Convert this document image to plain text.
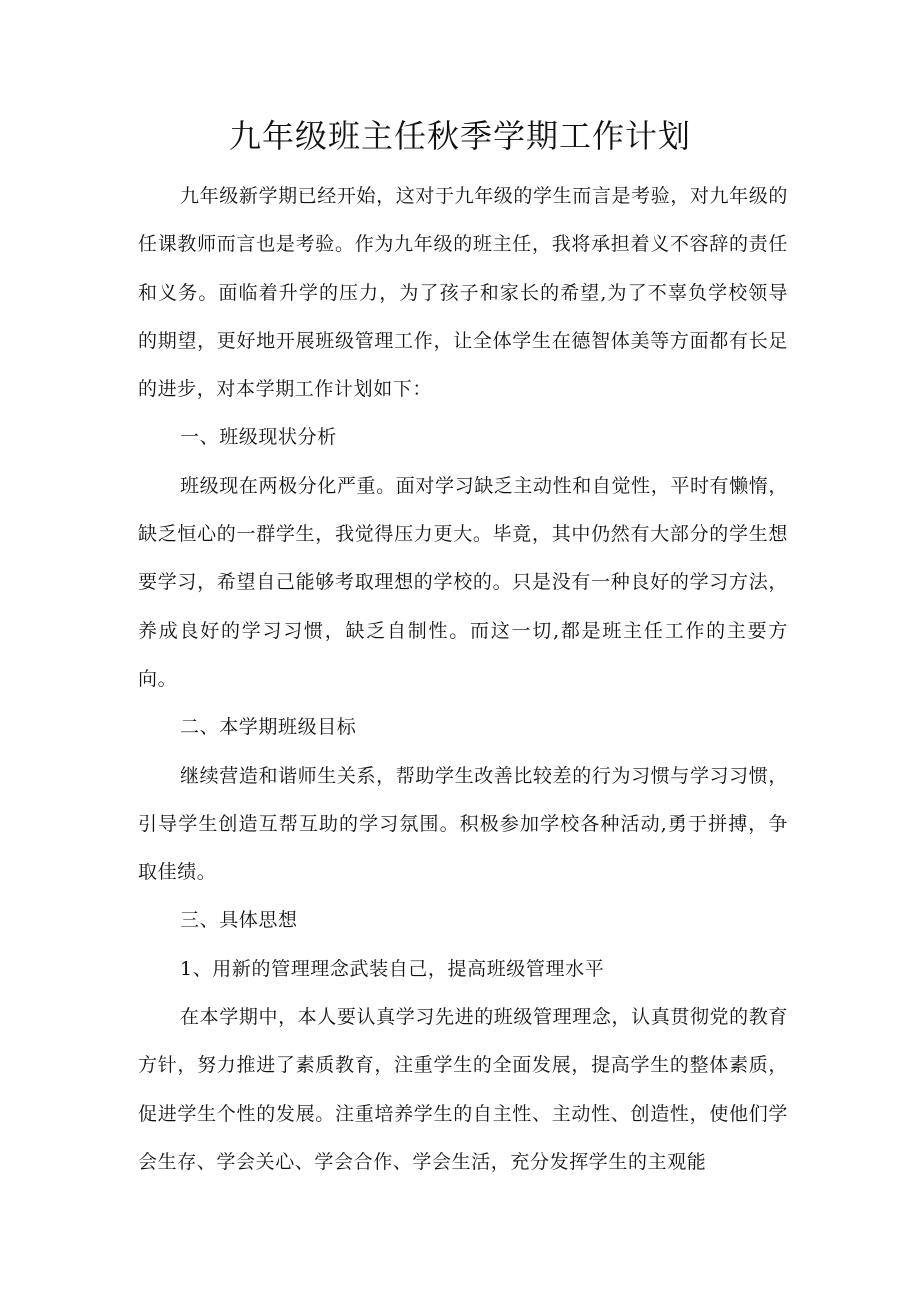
九年级班主任秋季学期工作计划

九年级新学期已经开始，这对于九年级的学生而言是考验，对九年级的任课教师而言也是考验。作为九年级的班主任，我将承担着义不容辞的责任和义务。面临着升学的压力，为了孩子和家长的希望,为了不辜负学校领导的期望，更好地开展班级管理工作，让全体学生在德智体美等方面都有长足的进步，对本学期工作计划如下：

一、班级现状分析

班级现在两极分化严重。面对学习缺乏主动性和自觉性，平时有懒惰，缺乏恒心的一群学生，我觉得压力更大。毕竟，其中仍然有大部分的学生想要学习，希望自己能够考取理想的学校的。只是没有一种良好的学习方法，养成良好的学习习惯，缺乏自制性。而这一切,都是班主任工作的主要方向。

二、本学期班级目标

继续营造和谐师生关系，帮助学生改善比较差的行为习惯与学习习惯，引导学生创造互帮互助的学习氛围。积极参加学校各种活动,勇于拼搏，争取佳绩。

三、具体思想

1、用新的管理理念武装自己，提高班级管理水平

在本学期中，本人要认真学习先进的班级管理理念，认真贯彻党的教育方针，努力推进了素质教育，注重学生的全面发展，提高学生的整体素质，促进学生个性的发展。注重培养学生的自主性、主动性、创造性，使他们学会生存、学会关心、学会合作、学会生活，充分发挥学生的主观能
